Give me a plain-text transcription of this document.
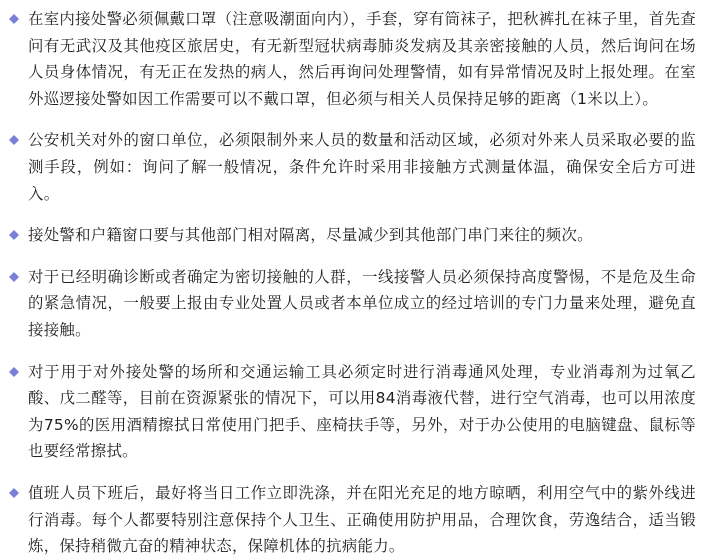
在室内接处警必须佩戴口罩（注意吸潮面向内），手套，穿有筒袜子，把秋裤扎在袜子里，首先查问有无武汉及其他疫区旅居史，有无新型冠状病毒肺炎发病及其亲密接触的人员，然后询问在场人员身体情况，有无正在发热的病人，然后再询问处理警情，如有异常情况及时上报处理。在室外巡逻接处警如因工作需要可以不戴口罩，但必须与相关人员保持足够的距离（1米以上）。

公安机关对外的窗口单位，必须限制外来人员的数量和活动区域，必须对外来人员采取必要的监测手段，例如：询问了解一般情况，条件允许时采用非接触方式测量体温，确保安全后方可进入。

接处警和户籍窗口要与其他部门相对隔离，尽量减少到其他部门串门来往的频次。

对于已经明确诊断或者确定为密切接触的人群，一线接警人员必须保持高度警惕，不是危及生命的紧急情况，一般要上报由专业处置人员或者本单位成立的经过培训的专门力量来处理，避免直接接触。

对于用于对外接处警的场所和交通运输工具必须定时进行消毒通风处理，专业消毒剂为过氧乙酸、戊二醛等，目前在资源紧张的情况下，可以用84消毒液代替，进行空气消毒，也可以用浓度为75%的医用酒精擦拭日常使用门把手、座椅扶手等，另外，对于办公使用的电脑键盘、鼠标等也要经常擦拭。

值班人员下班后，最好将当日工作立即洗涤，并在阳光充足的地方晾晒，利用空气中的紫外线进行消毒。每个人都要特别注意保持个人卫生、正确使用防护用品，合理饮食，劳逸结合，适当锻炼，保持稍微亢奋的精神状态，保障机体的抗病能力。
